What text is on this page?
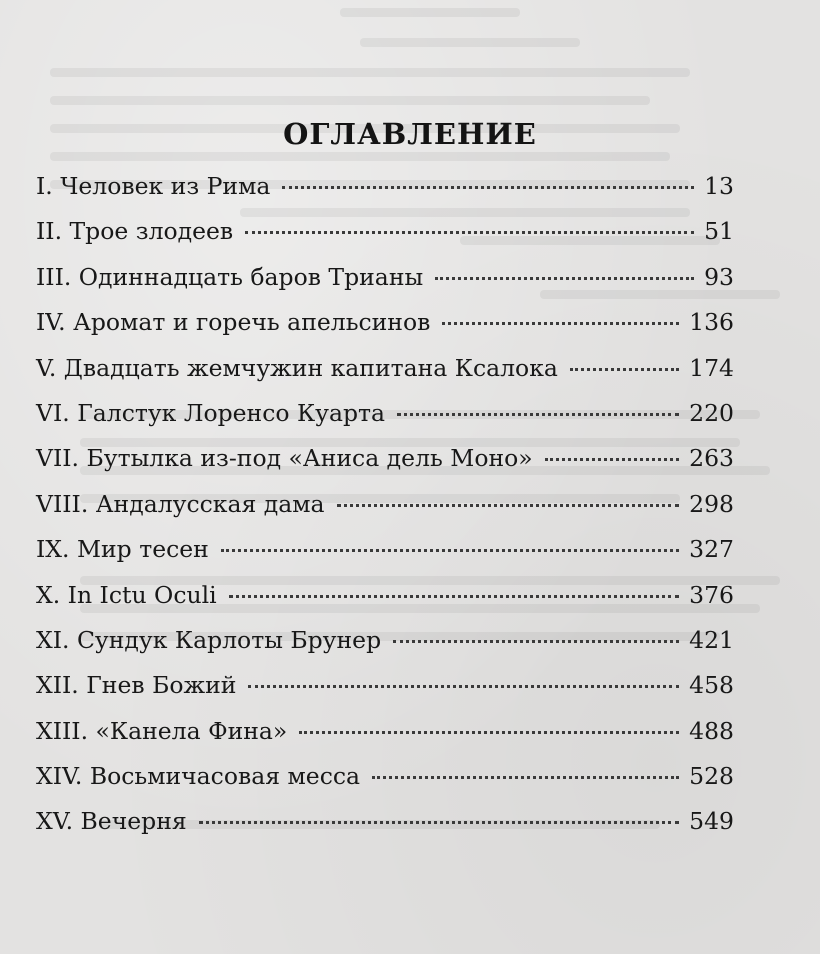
ОГЛАВЛЕНИЕ
I. Человек из Рима	13
II. Трое злодеев	51
III. Одиннадцать баров Трианы	93
IV. Аромат и горечь апельсинов	136
V. Двадцать жемчужин капитана Ксалока	174
VI. Галстук Лоренсо Куарта	220
VII. Бутылка из-под «Аниса дель Моно»	263
VIII. Андалусская дама	298
IX. Мир тесен	327
X. In Ictu Oculi	376
XI. Сундук Карлоты Брунер	421
XII. Гнев Божий	458
XIII. «Канела Фина»	488
XIV. Восьмичасовая месса	528
XV. Вечерня	549
